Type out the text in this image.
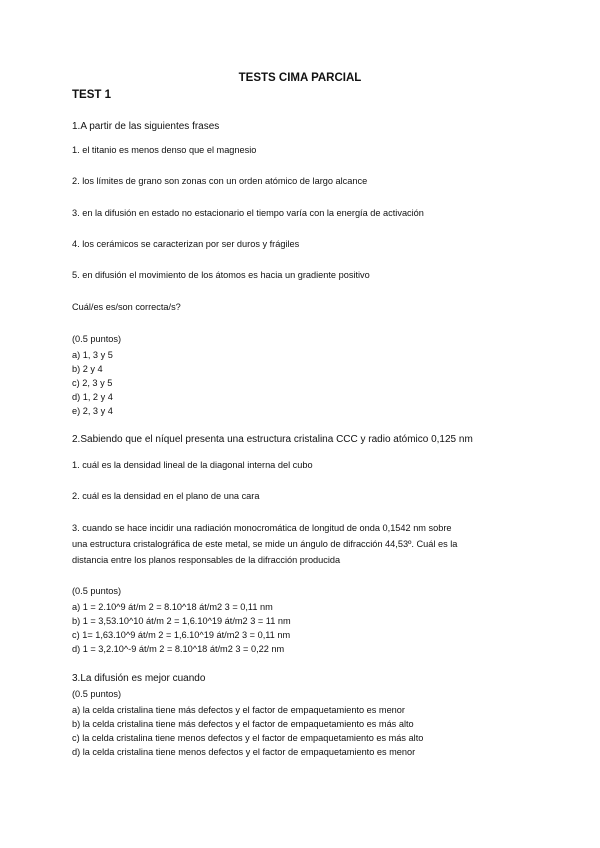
TESTS CIMA PARCIAL
TEST 1
1.A partir de las siguientes frases
1. el titanio es menos denso que el magnesio
2. los límites de grano son zonas con un orden atómico de largo alcance
3. en la difusión en estado no estacionario el tiempo varía con la energía de activación
4. los cerámicos se caracterizan por ser duros y frágiles
5. en difusión el movimiento de los átomos es hacia un gradiente positivo
Cuál/es es/son correcta/s?
(0.5 puntos)
a) 1, 3 y 5
b) 2 y 4
c) 2, 3 y 5
d) 1, 2 y 4
e) 2, 3 y 4
2.Sabiendo que el níquel presenta una estructura cristalina CCC y radio atómico 0,125 nm
1. cuál es la densidad lineal de la diagonal interna del cubo
2. cuál es la densidad en el plano de una cara
3. cuando se hace incidir una radiación monocromática de longitud de onda 0,1542 nm sobre
una estructura cristalográfica de este metal, se mide un ángulo de difracción 44,53º. Cuál es la
distancia entre los planos responsables de la difracción producida
(0.5 puntos)
a) 1 = 2.10^9 át/m 2 = 8.10^18 át/m2 3 = 0,11 nm
b) 1 = 3,53.10^10 át/m 2 = 1,6.10^19 át/m2 3 = 11 nm
c) 1= 1,63.10^9 át/m 2 = 1,6.10^19 át/m2 3 = 0,11 nm
d) 1 = 3,2.10^-9 át/m 2 = 8.10^18 át/m2 3 = 0,22 nm
3.La difusión es mejor cuando
(0.5 puntos)
a) la celda cristalina tiene más defectos y el factor de empaquetamiento es menor
b) la celda cristalina tiene más defectos y el factor de empaquetamiento es más alto
c) la celda cristalina tiene menos defectos y el factor de empaquetamiento es más alto
d) la celda cristalina tiene menos defectos y el factor de empaquetamiento es menor
